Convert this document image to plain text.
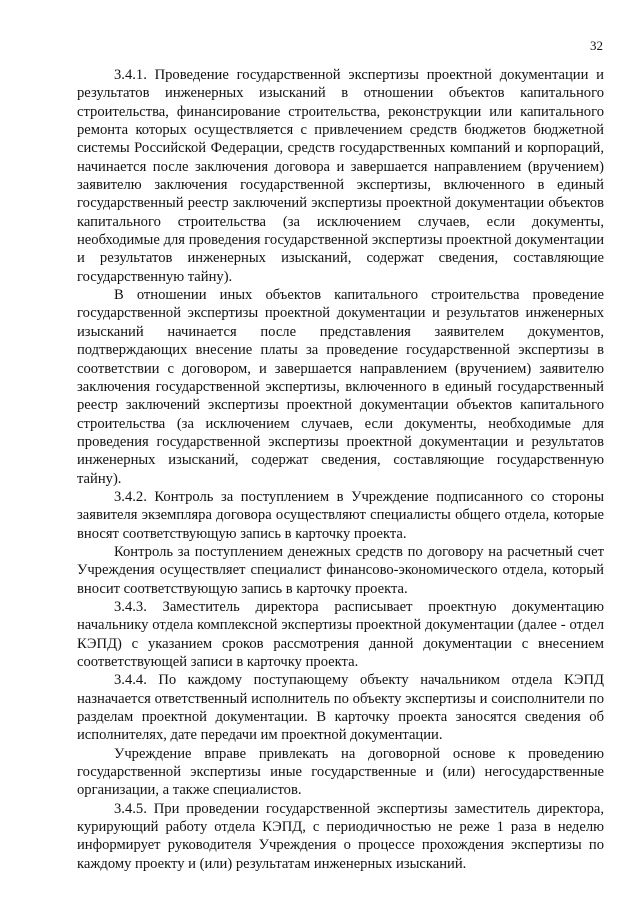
32

3.4.1. Проведение государственной экспертизы проектной документации и результатов инженерных изысканий в отношении объектов капитального строительства, финансирование строительства, реконструкции или капитального ремонта которых осуществляется с привлечением средств бюджетов бюджетной системы Российской Федерации, средств государственных компаний и корпораций, начинается после заключения договора и завершается направлением (вручением) заявителю заключения государственной экспертизы, включенного в единый государственный реестр заключений экспертизы проектной документации объектов капитального строительства (за исключением случаев, если документы, необходимые для проведения государственной экспертизы проектной документации и результатов инженерных изысканий, содержат сведения, составляющие государственную тайну).

В отношении иных объектов капитального строительства проведение государственной экспертизы проектной документации и результатов инженерных изысканий начинается после представления заявителем документов, подтверждающих внесение платы за проведение государственной экспертизы в соответствии с договором, и завершается направлением (вручением) заявителю заключения государственной экспертизы, включенного в единый государственный реестр заключений экспертизы проектной документации объектов капитального строительства (за исключением случаев, если документы, необходимые для проведения государственной экспертизы проектной документации и результатов инженерных изысканий, содержат сведения, составляющие государственную тайну).

3.4.2. Контроль за поступлением в Учреждение подписанного со стороны заявителя экземпляра договора осуществляют специалисты общего отдела, которые вносят соответствующую запись в карточку проекта.

Контроль за поступлением денежных средств по договору на расчетный счет Учреждения осуществляет специалист финансово-экономического отдела, который вносит соответствующую запись в карточку проекта.

3.4.3. Заместитель директора расписывает проектную документацию начальнику отдела комплексной экспертизы проектной документации (далее - отдел КЭПД) с указанием сроков рассмотрения данной документации с внесением соответствующей записи в карточку проекта.

3.4.4. По каждому поступающему объекту начальником отдела КЭПД назначается ответственный исполнитель по объекту экспертизы и соисполнители по разделам проектной документации. В карточку проекта заносятся сведения об исполнителях, дате передачи им проектной документации.

Учреждение вправе привлекать на договорной основе к проведению государственной экспертизы иные государственные и (или) негосударственные организации, а также специалистов.

3.4.5. При проведении государственной экспертизы заместитель директора, курирующий работу отдела КЭПД, с периодичностью не реже 1 раза в неделю информирует руководителя Учреждения о процессе прохождения экспертизы по каждому проекту и (или) результатам инженерных изысканий.
